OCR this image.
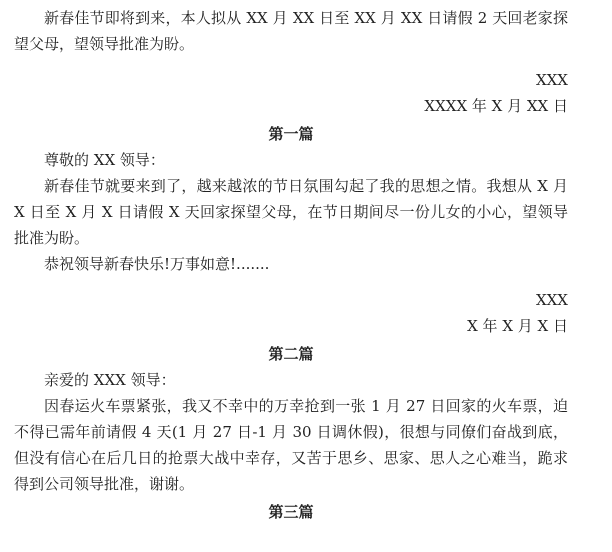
新春佳节即将到来，本人拟从 XX 月 XX 日至 XX 月 XX 日请假 2 天回老家探望父母，望领导批准为盼。

XXX

XXXX 年 X 月 XX 日

第一篇

尊敬的 XX 领导：

新春佳节就要来到了，越来越浓的节日氛围勾起了我的思想之情。我想从 X 月 X 日至 X 月 X 日请假 X 天回家探望父母，在节日期间尽一份儿女的小心，望领导批准为盼。

恭祝领导新春快乐!万事如意!.......

XXX

X 年 X 月 X 日

第二篇

亲爱的 XXX 领导：

因春运火车票紧张，我又不幸中的万幸抢到一张 1 月 27 日回家的火车票，迫不得已需年前请假 4 天(1 月 27 日-1 月 30 日调休假)，很想与同僚们奋战到底，但没有信心在后几日的抢票大战中幸存，又苦于思乡、思家、思人之心难当，跪求得到公司领导批准，谢谢。

第三篇
